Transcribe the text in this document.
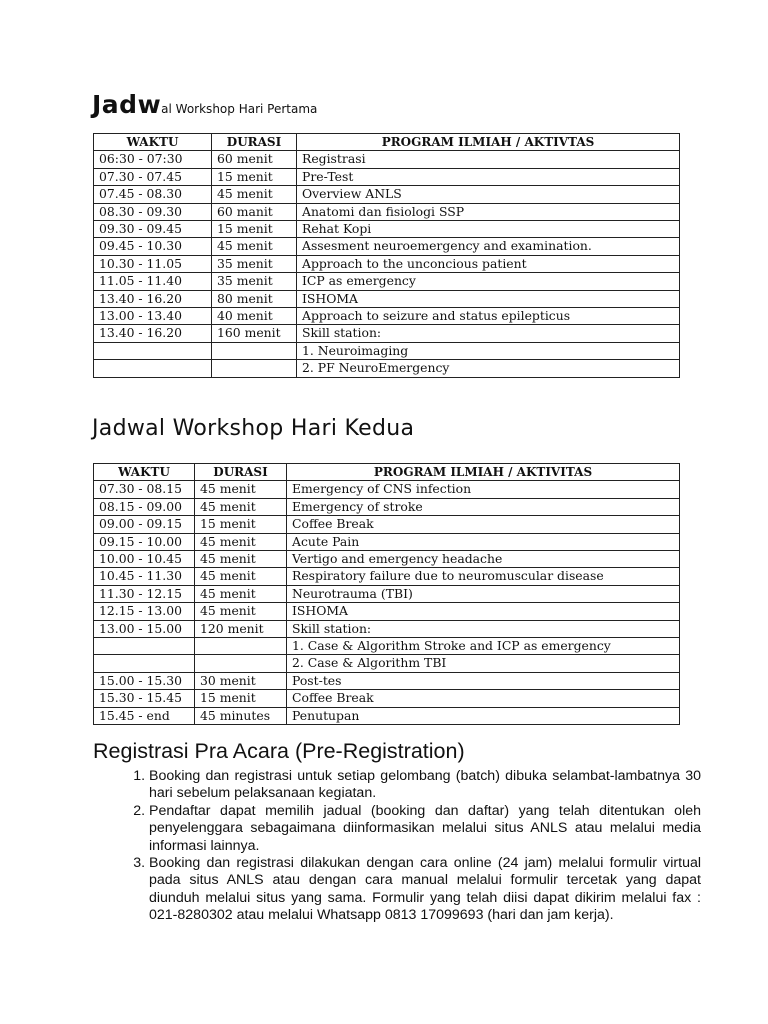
Jadwal Workshop Hari Pertama
WAKTU	DURASI	PROGRAM ILMIAH / AKTIVTAS
06:30 - 07:30	60 menit	Registrasi
07.30 - 07.45	15 menit	Pre-Test
07.45 - 08.30	45 menit	Overview ANLS
08.30 - 09.30	60 manit	Anatomi dan fisiologi SSP
09.30 - 09.45	15 menit	Rehat Kopi
09.45 - 10.30	45 menit	Assesment neuroemergency and examination.
10.30 - 11.05	35 menit	Approach to the unconcious patient
11.05 - 11.40	35 menit	ICP as emergency
13.40 - 16.20	80 menit	ISHOMA
13.00 - 13.40	40 menit	Approach to seizure and status epilepticus
13.40 - 16.20	160 menit	Skill station:
		1. Neuroimaging
		2. PF NeuroEmergency
Jadwal Workshop Hari Kedua
WAKTU	DURASI	PROGRAM ILMIAH / AKTIVITAS
07.30 - 08.15	45 menit	Emergency of CNS infection
08.15 - 09.00	45 menit	Emergency of stroke
09.00 - 09.15	15 menit	Coffee Break
09.15 - 10.00	45 menit	Acute Pain
10.00 - 10.45	45 menit	Vertigo and emergency headache
10.45 - 11.30	45 menit	Respiratory failure due to neuromuscular disease
11.30 - 12.15	45 menit	Neurotrauma (TBI)
12.15 - 13.00	45 menit	ISHOMA
13.00 - 15.00	120 menit	Skill station:
		1. Case & Algorithm Stroke and ICP as emergency
		2. Case & Algorithm TBI
15.00 - 15.30	30 menit	Post-tes
15.30 - 15.45	15 menit	Coffee Break
15.45 - end	45 minutes	Penutupan
Registrasi Pra Acara (Pre-Registration)
1. Booking dan registrasi untuk setiap gelombang (batch) dibuka selambat-lambatnya 30 hari sebelum pelaksanaan kegiatan.
2. Pendaftar dapat memilih jadual (booking dan daftar) yang telah ditentukan oleh penyelenggara sebagaimana diinformasikan melalui situs ANLS atau melalui media informasi lainnya.
3. Booking dan registrasi dilakukan dengan cara online (24 jam) melalui formulir virtual pada situs ANLS atau dengan cara manual melalui formulir tercetak yang dapat diunduh melalui situs yang sama. Formulir yang telah diisi dapat dikirim melalui fax : 021-8280302 atau melalui Whatsapp 0813 17099693 (hari dan jam kerja).
